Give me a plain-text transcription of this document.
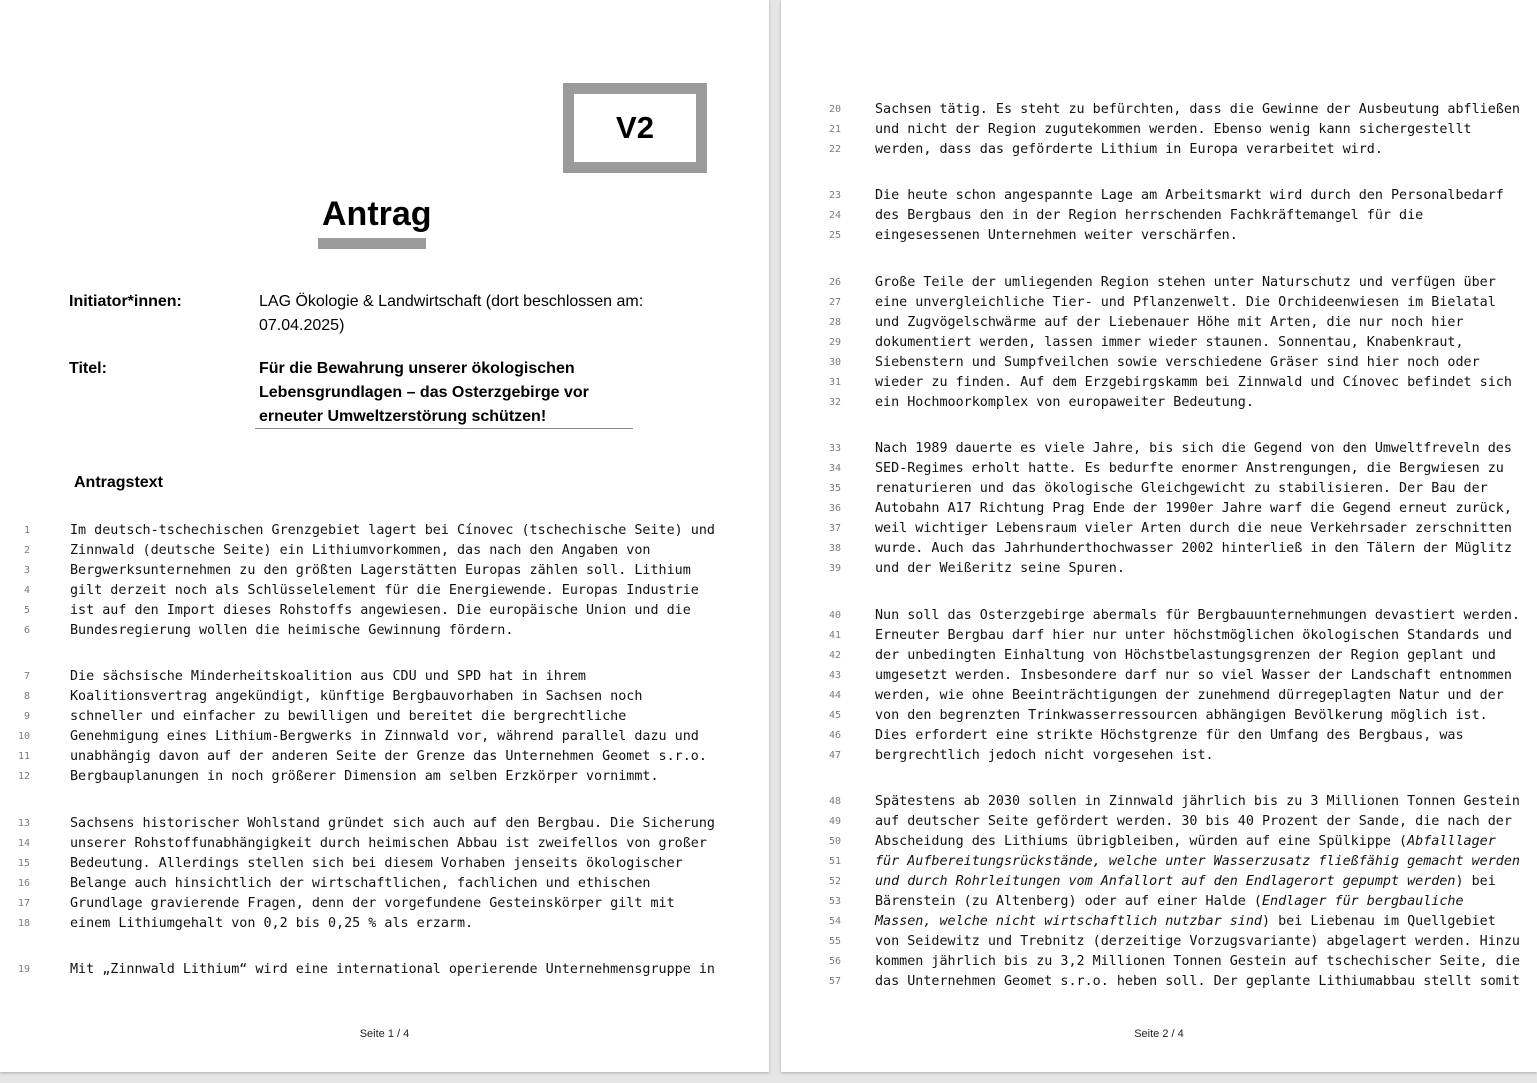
V2
Antrag
Initiator*innen:	LAG Ökologie & Landwirtschaft (dort beschlossen am:
07.04.2025)
Titel:	Für die Bewahrung unserer ökologischen
Lebensgrundlagen – das Osterzgebirge vor
erneuter Umweltzerstörung schützen!
Antragstext
1	Im deutsch-tschechischen Grenzgebiet lagert bei Cínovec (tschechische Seite) und
2	Zinnwald (deutsche Seite) ein Lithiumvorkommen, das nach den Angaben von
3	Bergwerksunternehmen zu den größten Lagerstätten Europas zählen soll. Lithium
4	gilt derzeit noch als Schlüsselelement für die Energiewende. Europas Industrie
5	ist auf den Import dieses Rohstoffs angewiesen. Die europäische Union und die
6	Bundesregierung wollen die heimische Gewinnung fördern.
7	Die sächsische Minderheitskoalition aus CDU und SPD hat in ihrem
8	Koalitionsvertrag angekündigt, künftige Bergbauvorhaben in Sachsen noch
9	schneller und einfacher zu bewilligen und bereitet die bergrechtliche
10	Genehmigung eines Lithium-Bergwerks in Zinnwald vor, während parallel dazu und
11	unabhängig davon auf der anderen Seite der Grenze das Unternehmen Geomet s.r.o.
12	Bergbauplanungen in noch größerer Dimension am selben Erzkörper vornimmt.
13	Sachsens historischer Wohlstand gründet sich auch auf den Bergbau. Die Sicherung
14	unserer Rohstoffunabhängigkeit durch heimischen Abbau ist zweifellos von großer
15	Bedeutung. Allerdings stellen sich bei diesem Vorhaben jenseits ökologischer
16	Belange auch hinsichtlich der wirtschaftlichen, fachlichen und ethischen
17	Grundlage gravierende Fragen, denn der vorgefundene Gesteinskörper gilt mit
18	einem Lithiumgehalt von 0,2 bis 0,25 % als erzarm.
19	Mit „Zinnwald Lithium“ wird eine international operierende Unternehmensgruppe in
Seite 1 / 4
20	Sachsen tätig. Es steht zu befürchten, dass die Gewinne der Ausbeutung abfließen
21	und nicht der Region zugutekommen werden. Ebenso wenig kann sichergestellt
22	werden, dass das geförderte Lithium in Europa verarbeitet wird.
23	Die heute schon angespannte Lage am Arbeitsmarkt wird durch den Personalbedarf
24	des Bergbaus den in der Region herrschenden Fachkräftemangel für die
25	eingesessenen Unternehmen weiter verschärfen.
26	Große Teile der umliegenden Region stehen unter Naturschutz und verfügen über
27	eine unvergleichliche Tier- und Pflanzenwelt. Die Orchideenwiesen im Bielatal
28	und Zugvögelschwärme auf der Liebenauer Höhe mit Arten, die nur noch hier
29	dokumentiert werden, lassen immer wieder staunen. Sonnentau, Knabenkraut,
30	Siebenstern und Sumpfveilchen sowie verschiedene Gräser sind hier noch oder
31	wieder zu finden. Auf dem Erzgebirgskamm bei Zinnwald und Cínovec befindet sich
32	ein Hochmoorkomplex von europaweiter Bedeutung.
33	Nach 1989 dauerte es viele Jahre, bis sich die Gegend von den Umweltfreveln des
34	SED-Regimes erholt hatte. Es bedurfte enormer Anstrengungen, die Bergwiesen zu
35	renaturieren und das ökologische Gleichgewicht zu stabilisieren. Der Bau der
36	Autobahn A17 Richtung Prag Ende der 1990er Jahre warf die Gegend erneut zurück,
37	weil wichtiger Lebensraum vieler Arten durch die neue Verkehrsader zerschnitten
38	wurde. Auch das Jahrhunderthochwasser 2002 hinterließ in den Tälern der Müglitz
39	und der Weißeritz seine Spuren.
40	Nun soll das Osterzgebirge abermals für Bergbauunternehmungen devastiert werden.
41	Erneuter Bergbau darf hier nur unter höchstmöglichen ökologischen Standards und
42	der unbedingten Einhaltung von Höchstbelastungsgrenzen der Region geplant und
43	umgesetzt werden. Insbesondere darf nur so viel Wasser der Landschaft entnommen
44	werden, wie ohne Beeinträchtigungen der zunehmend dürregeplagten Natur und der
45	von den begrenzten Trinkwasserressourcen abhängigen Bevölkerung möglich ist.
46	Dies erfordert eine strikte Höchstgrenze für den Umfang des Bergbaus, was
47	bergrechtlich jedoch nicht vorgesehen ist.
48	Spätestens ab 2030 sollen in Zinnwald jährlich bis zu 3 Millionen Tonnen Gestein
49	auf deutscher Seite gefördert werden. 30 bis 40 Prozent der Sande, die nach der
50	Abscheidung des Lithiums übrigbleiben, würden auf eine Spülkippe (Abfalllager
51	für Aufbereitungsrückstände, welche unter Wasserzusatz fließfähig gemacht werden
52	und durch Rohrleitungen vom Anfallort auf den Endlagerort gepumpt werden) bei
53	Bärenstein (zu Altenberg) oder auf einer Halde (Endlager für bergbauliche
54	Massen, welche nicht wirtschaftlich nutzbar sind) bei Liebenau im Quellgebiet
55	von Seidewitz und Trebnitz (derzeitige Vorzugsvariante) abgelagert werden. Hinzu
56	kommen jährlich bis zu 3,2 Millionen Tonnen Gestein auf tschechischer Seite, die
57	das Unternehmen Geomet s.r.o. heben soll. Der geplante Lithiumabbau stellt somit
Seite 2 / 4
